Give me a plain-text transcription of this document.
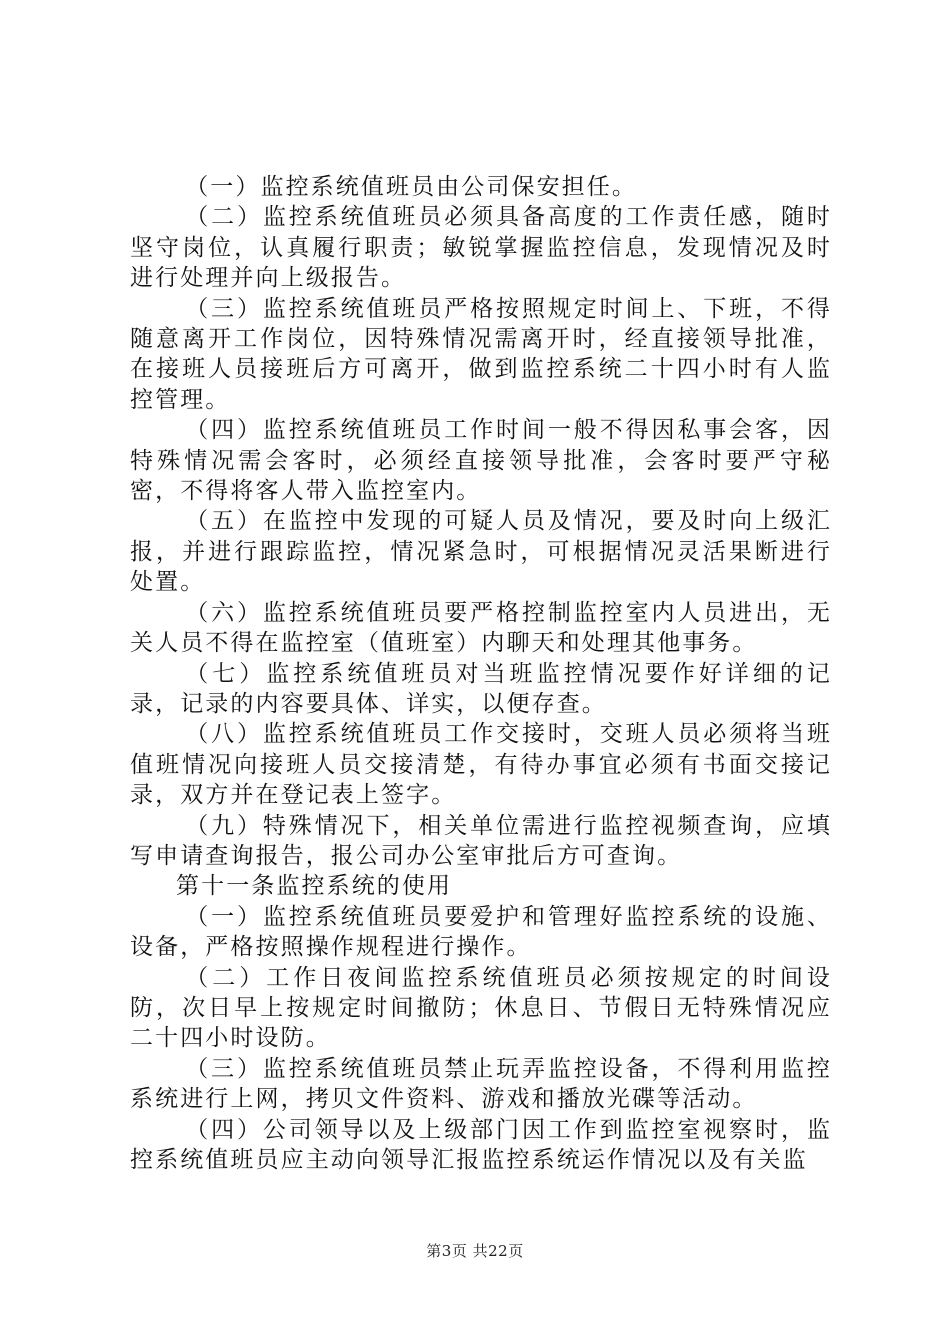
（一）监控系统值班员由公司保安担任。

（二）监控系统值班员必须具备高度的工作责任感，随时坚守岗位，认真履行职责；敏锐掌握监控信息，发现情况及时进行处理并向上级报告。

（三）监控系统值班员严格按照规定时间上、下班，不得随意离开工作岗位，因特殊情况需离开时，经直接领导批准，在接班人员接班后方可离开，做到监控系统二十四小时有人监控管理。

（四）监控系统值班员工作时间一般不得因私事会客，因特殊情况需会客时，必须经直接领导批准，会客时要严守秘密，不得将客人带入监控室内。

（五）在监控中发现的可疑人员及情况，要及时向上级汇报，并进行跟踪监控，情况紧急时，可根据情况灵活果断进行处置。

（六）监控系统值班员要严格控制监控室内人员进出，无关人员不得在监控室（值班室）内聊天和处理其他事务。

（七）监控系统值班员对当班监控情况要作好详细的记录，记录的内容要具体、详实，以便存查。

（八）监控系统值班员工作交接时，交班人员必须将当班值班情况向接班人员交接清楚，有待办事宜必须有书面交接记录，双方并在登记表上签字。

（九）特殊情况下，相关单位需进行监控视频查询，应填写申请查询报告，报公司办公室审批后方可查询。

第十一条监控系统的使用

（一）监控系统值班员要爱护和管理好监控系统的设施、设备，严格按照操作规程进行操作。

（二）工作日夜间监控系统值班员必须按规定的时间设防，次日早上按规定时间撤防；休息日、节假日无特殊情况应二十四小时设防。

（三）监控系统值班员禁止玩弄监控设备，不得利用监控系统进行上网，拷贝文件资料、游戏和播放光碟等活动。

（四）公司领导以及上级部门因工作到监控室视察时，监控系统值班员应主动向领导汇报监控系统运作情况以及有关监

第3页 共22页
